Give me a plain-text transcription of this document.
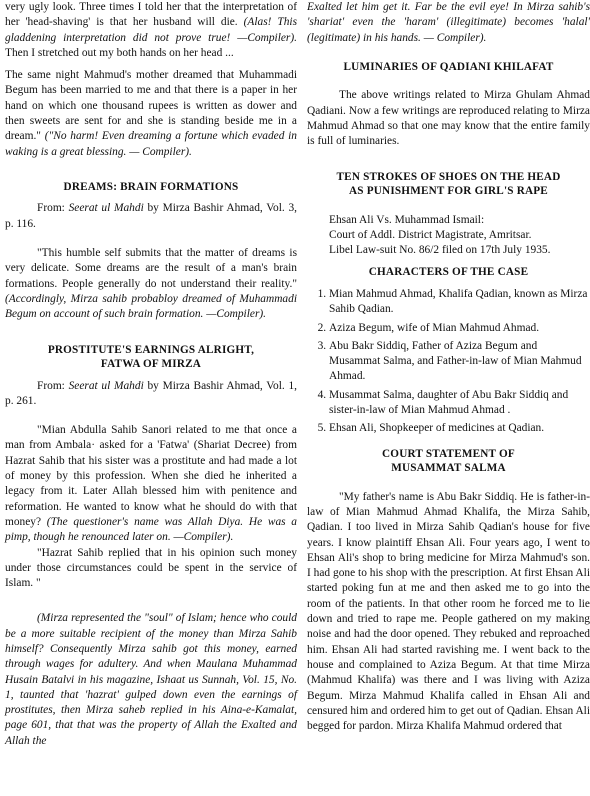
very ugly look. Three times I told her that the interpretation of her 'head-shaving' is that her husband will die. (Alas! This gladdening interpretation did not prove true! —Compiler). Then I stretched out my both hands on her head ...

The same night Mahmud's mother dreamed that Muhammadi Begum has been married to me and that there is a paper in her hand on which one thousand rupees is written as dower and then sweets are sent for and she is standing beside me in a dream." ("No harm! Even dreaming a fortune which evaded in waking is a great blessing. — Compiler).

DREAMS: BRAIN FORMATIONS

From: Seerat ul Mahdi by Mirza Bashir Ahmad, Vol. 3, p. 116.

"This humble self submits that the matter of dreams is very delicate. Some dreams are the result of a man's brain formations. People generally do not understand their reality." (Accordingly, Mirza sahib probabloy dreamed of Muhammadi Begum on account of such brain formation. —Compiler).

PROSTITUTE'S EARNINGS ALRIGHT,
FATWA OF MIRZA

From: Seerat ul Mahdi by Mirza Bashir Ahmad, Vol. 1, p. 261.

"Mian Abdulla Sahib Sanori related to me that once a man from Ambala· asked for a 'Fatwa' (Shariat Decree) from Hazrat Sahib that his sister was a prostitute and had made a lot of money by this profession. When she died he inherited a legacy from it. Later Allah blessed him with penitence and reformation. He wanted to know what he should do with that money? (The questioner's name was Allah Diya. He was a pimp, though he renounced later on. —Compiler).

"Hazrat Sahib replied that in his opinion such money under those circumstances could be spent in the service of Islam. "

(Mirza represented the "soul" of Islam; hence who could be a more suitable recipient of the money than Mirza Sahib himself? Consequently Mirza sahib got this money, earned through wages for adultery. And when Maulana Muhammad Husain Batalvi in his magazine, Ishaat us Sunnah, Vol. 15, No. 1, taunted that 'hazrat' gulped down even the earnings of prostitutes, then Mirza saheb replied in his Aina-e-Kamalat, page 601, that that was the property of Allah the Exalted and Allah the

Exalted let him get it. Far be the evil eye! In Mirza sahib's 'shariat' even the 'haram' (illegitimate) becomes 'halal' (legitimate) in his hands. — Compiler).

LUMINARIES OF QADIANI KHILAFAT

The above writings related to Mirza Ghulam Ahmad Qadiani. Now a few writings are reproduced relating to Mirza Mahmud Ahmad so that one may know that the entire family is full of luminaries.

TEN STROKES OF SHOES ON THE HEAD
AS PUNISHMENT FOR GIRL'S RAPE
Ehsan Ali Vs. Muhammad Ismail:
Court of Addl. District Magistrate, Amritsar.
Libel Law-suit No. 86/2 filed on 17th July 1935.
CHARACTERS OF THE CASE
1. Mian Mahmud Ahmad, Khalifa Qadian, known as Mirza Sahib Qadian.
2. Aziza Begum, wife of Mian Mahmud Ahmad.
3. Abu Bakr Siddiq, Father of Aziza Begum and Musammat Salma, and Father-in-law of Mian Mahmud Ahmad.
4. Musammat Salma, daughter of Abu Bakr Siddiq and sister-in-law of Mian Mahmud Ahmad .
5. Ehsan Ali, Shopkeeper of medicines at Qadian.
COURT STATEMENT OF
MUSAMMAT SALMA

"My father's name is Abu Bakr Siddiq. He is father-in-law of Mian Mahmud Ahmad Khalifa, the Mirza Sahib, Qadian. I too lived in Mirza Sahib Qadian's house for five years. I know plaintiff Ehsan Ali. Four years ago, I went to Ehsan Ali's shop to bring medicine for Mirza Mahmud's son. I had gone to his shop with the prescription. At first Ehsan Ali started poking fun at me and then asked me to go into the room of the patients. In that other room he forced me to lie down and tried to rape me. People gathered on my making noise and had the door opened. They rebuked and reproached him. Ehsan Ali had started ravishing me. I went back to the house and complained to Aziza Begum. At that time Mirza (Mahmud Khalifa) was there and I was living with Aziza Begum. Mirza Mahmud Khalifa called in Ehsan Ali and censured him and ordered him to get out of Qadian. Ehsan Ali begged for pardon. Mirza Khalifa Mahmud ordered that
